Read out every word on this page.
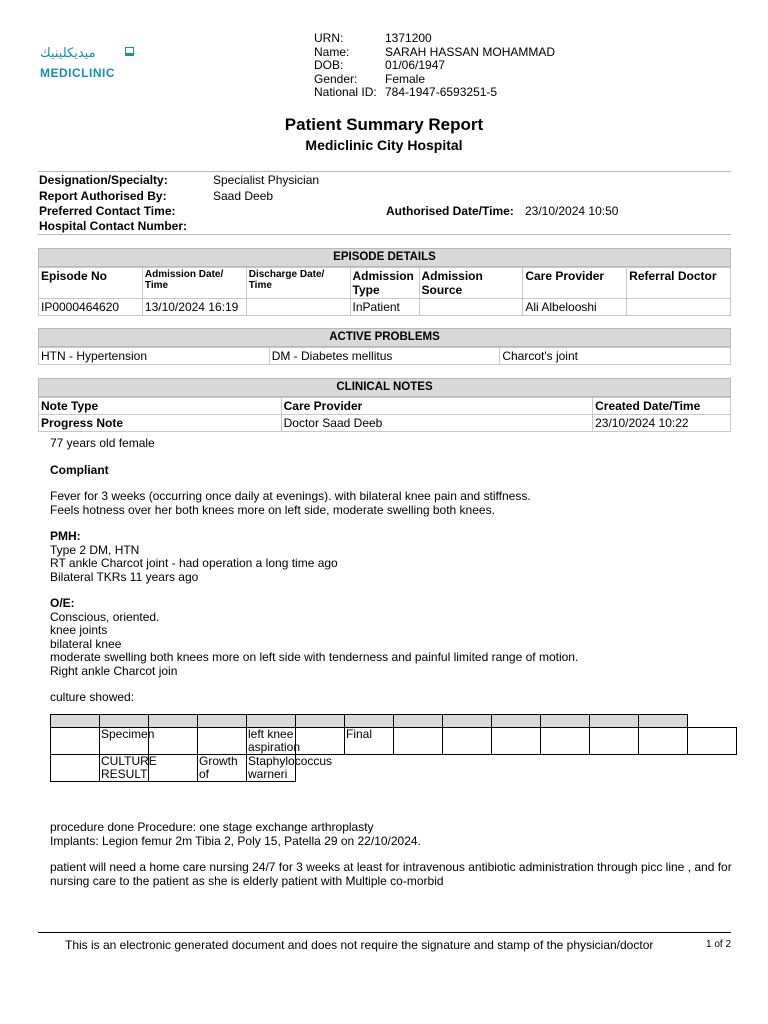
ميديكلينيك
MEDICLINIC
URN:	1371200
Name:	SARAH HASSAN MOHAMMAD
DOB:	01/06/1947
Gender:	Female
National ID: 784-1947-6593251-5
Patient Summary Report
Mediclinic City Hospital
Designation/Specialty:	Specialist Physician
Report Authorised By:	Saad Deeb
Preferred Contact Time:	Authorised Date/Time: 23/10/2024 10:50
Hospital Contact Number:
EPISODE DETAILS
Episode No	Admission Date/ Time	Discharge Date/ Time	Admission Type	Admission Source	Care Provider	Referral Doctor
IP0000464620	13/10/2024 16:19		InPatient		Ali Albelooshi	
ACTIVE PROBLEMS
HTN - Hypertension	DM - Diabetes mellitus	Charcot's joint
CLINICAL NOTES
Note Type	Care Provider	Created Date/Time
Progress Note	Doctor Saad Deeb	23/10/2024 10:22

77 years old female

Compliant

Fever for 3 weeks (occurring once daily at evenings). with bilateral knee pain and stiffness.

Feels hotness over her both knees more on left side, moderate swelling both knees.

PMH:

Type 2 DM, HTN

RT ankle Charcot joint - had operation a long time ago

Bilateral TKRs 11 years ago

O/E:

Conscious, oriented.

knee joints

bilateral knee

moderate swelling both knees more on left side with tenderness and painful limited range of motion.

Right ankle Charcot join

culture showed:

	Specimen			left knee aspiration		Final							
	CULTURE RESULT		Growth of	Staphylococcus warneri									

procedure done Procedure: one stage exchange arthroplasty

Implants: Legion femur 2m Tibia 2, Poly 15, Patella 29 on 22/10/2024.

patient will need a home care nursing 24/7 for 3 weeks at least for intravenous antibiotic administration through picc line , and for

nursing care to the patient as she is elderly patient with Multiple co-morbid

This is an electronic generated document and does not require the signature and stamp of the physician/doctor	1 of 2
